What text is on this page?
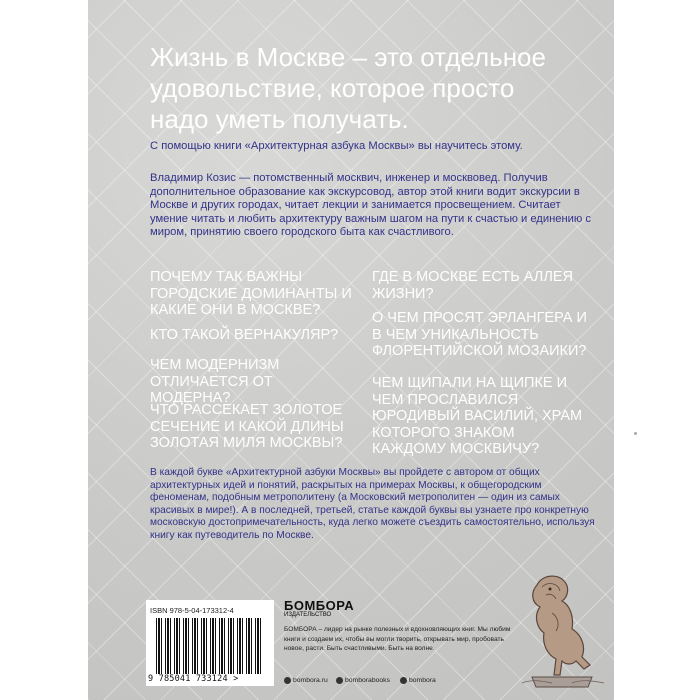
Жизнь в Москве – это отдельное
удовольствие, которое просто
надо уметь получать.

С помощью книги «Архитектурная азбука Москвы» вы научитесь этому.

Владимир Козис — потомственный москвич, инженер и москвовед. Получив дополнительное образование как экскурсовод, автор этой книги водит экскурсии в Москве и других городах, читает лекции и занимается просвещением. Считает умение читать и любить архитектуру важным шагом на пути к счастью и единению с миром, принятию своего городского быта как счастливого.

ПОЧЕМУ ТАК ВАЖНЫ ГОРОДСКИЕ ДОМИНАНТЫ И КАКИЕ ОНИ В МОСКВЕ?

КТО ТАКОЙ ВЕРНАКУЛЯР?

ЧЕМ МОДЕРНИЗМ ОТЛИЧАЕТСЯ ОТ МОДЕРНА?

ЧТО РАССЕКАЕТ ЗОЛОТОЕ СЕЧЕНИЕ И КАКОЙ ДЛИНЫ ЗОЛОТАЯ МИЛЯ МОСКВЫ?

ГДЕ В МОСКВЕ ЕСТЬ АЛЛЕЯ ЖИЗНИ?

О ЧЕМ ПРОСЯТ ЭРЛАНГЕРА И В ЧЕМ УНИКАЛЬНОСТЬ ФЛОРЕНТИЙСКОЙ МОЗАИКИ?

ЧЕМ ЩИПАЛИ НА ЩИПКЕ И ЧЕМ ПРОСЛАВИЛСЯ ЮРОДИВЫЙ ВАСИЛИЙ, ХРАМ КОТОРОГО ЗНАКОМ КАЖДОМУ МОСКВИЧУ?

В каждой букве «Архитектурной азбуки Москвы» вы пройдете с автором от общих архитектурных идей и понятий, раскрытых на примерах Москвы, к общегородским феноменам, подобным метрополитену (а Московский метрополитен — один из самых красивых в мире!). А в последней, третьей, статье каждой буквы вы узнаете про конкретную московскую достопримечательность, куда легко можете съездить самостоятельно, используя книгу как путеводитель по Москве.

ISBN 978-5-04-173312-4
9 785041 733124 >
БОМБОРА
ИЗДАТЕЛЬСТВО

БОМБОРА – лидер на рынке полезных и вдохновляющих книг. Мы любим книги и создаем их, чтобы вы могли творить, открывать мир, пробовать новое, расти. Быть счастливыми. Быть на волне.

bombora.ru	bomborabooks	bombora
